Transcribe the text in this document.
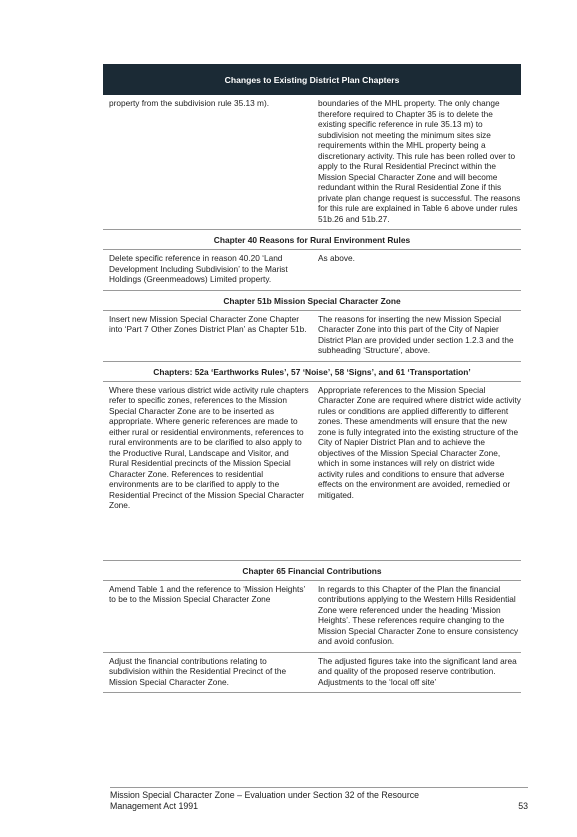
Changes to Existing District Plan Chapters
property from the subdivision rule 35.13 m).	boundaries of the MHL property. The only change therefore required to Chapter 35 is to delete the existing specific reference in rule 35.13 m) to subdivision not meeting the minimum sites size requirements within the MHL property being a discretionary activity. This rule has been rolled over to apply to the Rural Residential Precinct within the Mission Special Character Zone and will become redundant within the Rural Residential Zone if this private plan change request is successful. The reasons for this rule are explained in Table 6 above under rules 51b.26 and 51b.27.
Chapter 40 Reasons for Rural Environment Rules
Delete specific reference in reason 40.20 ‘Land Development Including Subdivision’ to the Marist Holdings (Greenmeadows) Limited property.
As above.
Chapter 51b Mission Special Character Zone
Insert new Mission Special Character Zone Chapter into ‘Part 7 Other Zones District Plan’ as Chapter 51b.
The reasons for inserting the new Mission Special Character Zone into this part of the City of Napier District Plan are provided under section 1.2.3 and the subheading ‘Structure’, above.
Chapters: 52a ‘Earthworks Rules’, 57 ‘Noise’, 58 ‘Signs’, and 61 ‘Transportation’
Where these various district wide activity rule chapters refer to specific zones, references to the Mission Special Character Zone are to be inserted as appropriate. Where generic references are made to either rural or residential environments, references to rural environments are to be clarified to also apply to the Productive Rural, Landscape and Visitor, and Rural Residential precincts of the Mission Special Character Zone. References to residential environments are to be clarified to apply to the Residential Precinct of the Mission Special Character Zone.
Appropriate references to the Mission Special Character Zone are required where district wide activity rules or conditions are applied differently to different zones. These amendments will ensure that the new zone is fully integrated into the existing structure of the City of Napier District Plan and to achieve the objectives of the Mission Special Character Zone, which in some instances will rely on district wide activity rules and conditions to ensure that adverse effects on the environment are avoided, remedied or mitigated.
Chapter 65 Financial Contributions
Amend Table 1 and the reference to ‘Mission Heights’ to be to the Mission Special Character Zone
In regards to this Chapter of the Plan the financial contributions applying to the Western Hills Residential Zone were referenced under the heading ‘Mission Heights’. These references require changing to the Mission Special Character Zone to ensure consistency and avoid confusion.
Adjust the financial contributions relating to subdivision within the Residential Precinct of the Mission Special Character Zone.
The adjusted figures take into the significant land area and quality of the proposed reserve contribution. Adjustments to the ‘local off site’
Mission Special Character Zone – Evaluation under Section 32 of the Resource Management Act 1991	53
